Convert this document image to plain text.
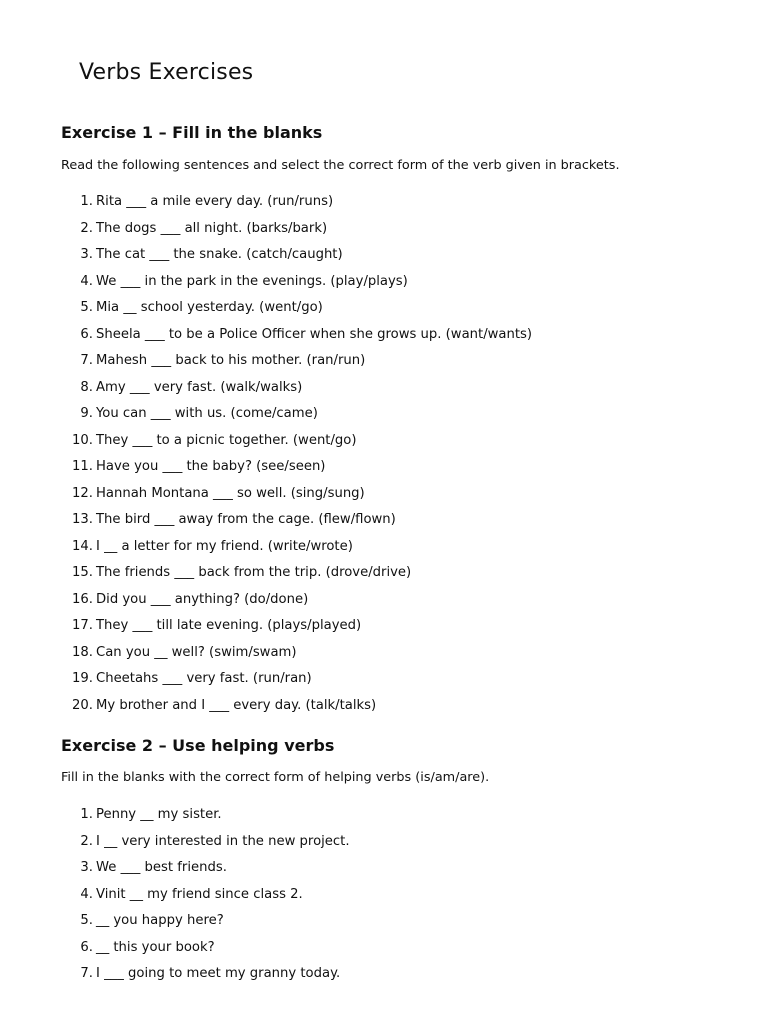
Verbs Exercises
Exercise 1 – Fill in the blanks

Read the following sentences and select the correct form of the verb given in brackets.

1. Rita ___ a mile every day. (run/runs)
2. The dogs ___ all night. (barks/bark)
3. The cat ___ the snake. (catch/caught)
4. We ___ in the park in the evenings. (play/plays)
5. Mia __ school yesterday. (went/go)
6. Sheela ___ to be a Police Officer when she grows up. (want/wants)
7. Mahesh ___ back to his mother. (ran/run)
8. Amy ___ very fast. (walk/walks)
9. You can ___ with us. (come/came)
10. They ___ to a picnic together. (went/go)
11. Have you ___ the baby? (see/seen)
12. Hannah Montana ___ so well. (sing/sung)
13. The bird ___ away from the cage. (flew/flown)
14. I __ a letter for my friend. (write/wrote)
15. The friends ___ back from the trip. (drove/drive)
16. Did you ___ anything? (do/done)
17. They ___ till late evening. (plays/played)
18. Can you __ well? (swim/swam)
19. Cheetahs ___ very fast. (run/ran)
20. My brother and I ___ every day. (talk/talks)
Exercise 2 – Use helping verbs

Fill in the blanks with the correct form of helping verbs (is/am/are).

1. Penny __ my sister.
2. I __ very interested in the new project.
3. We ___ best friends.
4. Vinit __ my friend since class 2.
5. __ you happy here?
6. __ this your book?
7. I ___ going to meet my granny today.
